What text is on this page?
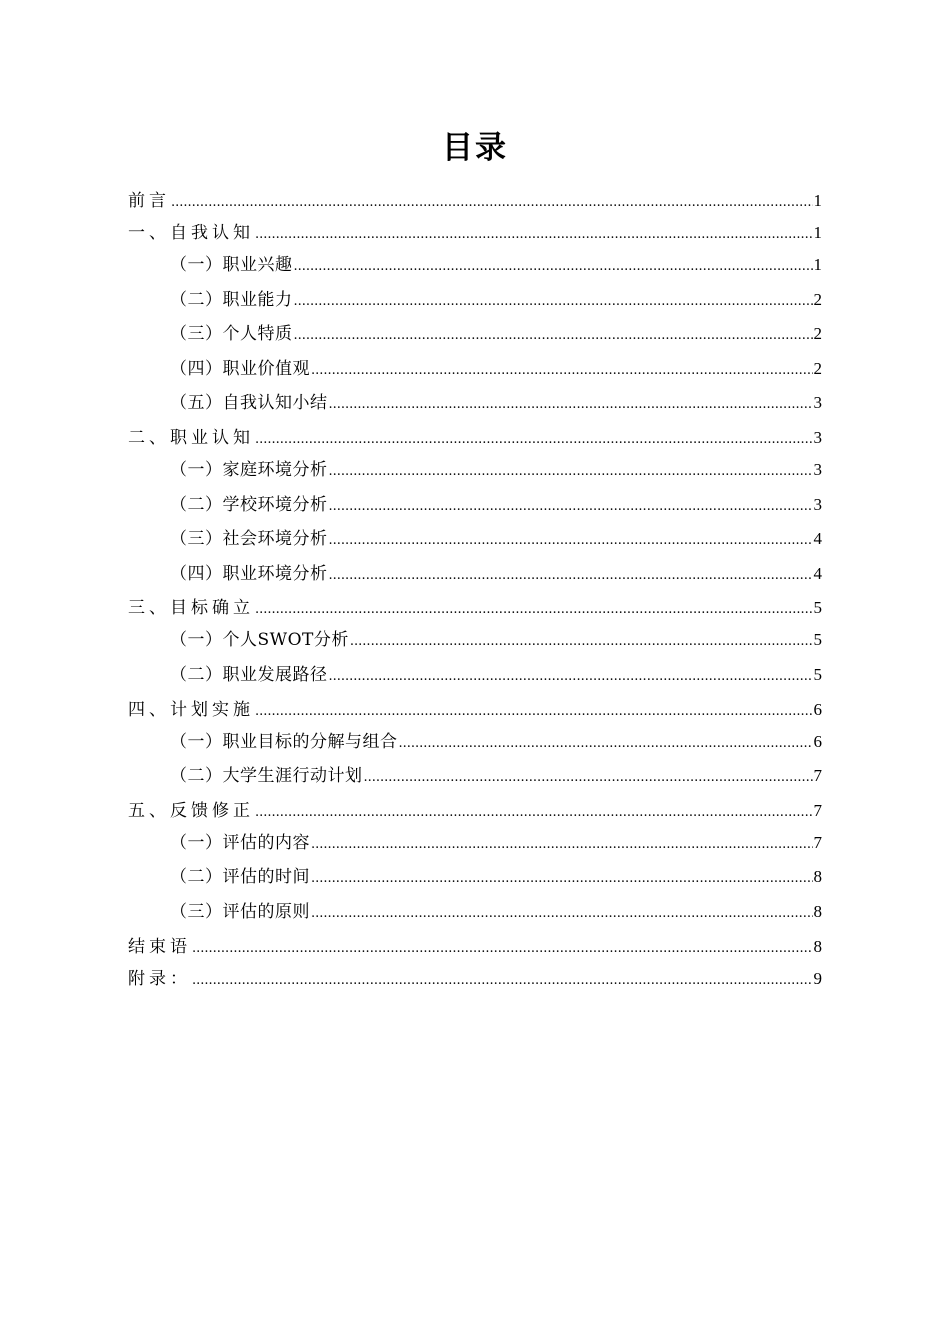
目录
前言 .....	1
一、自我认知 .....	1
（一）职业兴趣 .....	1
（二）职业能力 .....	2
（三）个人特质 .....	2
（四）职业价值观 .....	2
（五）自我认知小结 .....	3
二、职业认知 .....	3
（一）家庭环境分析 .....	3
（二）学校环境分析 .....	3
（三）社会环境分析 .....	4
（四）职业环境分析 .....	4
三、目标确立 .....	5
（一）个人SWOT分析 .....	5
（二）职业发展路径 .....	5
四、计划实施 .....	6
（一）职业目标的分解与组合 .....	6
（二）大学生涯行动计划 .....	7
五、反馈修正 .....	7
（一）评估的内容 .....	7
（二）评估的时间 .....	8
（三）评估的原则 .....	8
结束语 .....	8
附录： .....	9
